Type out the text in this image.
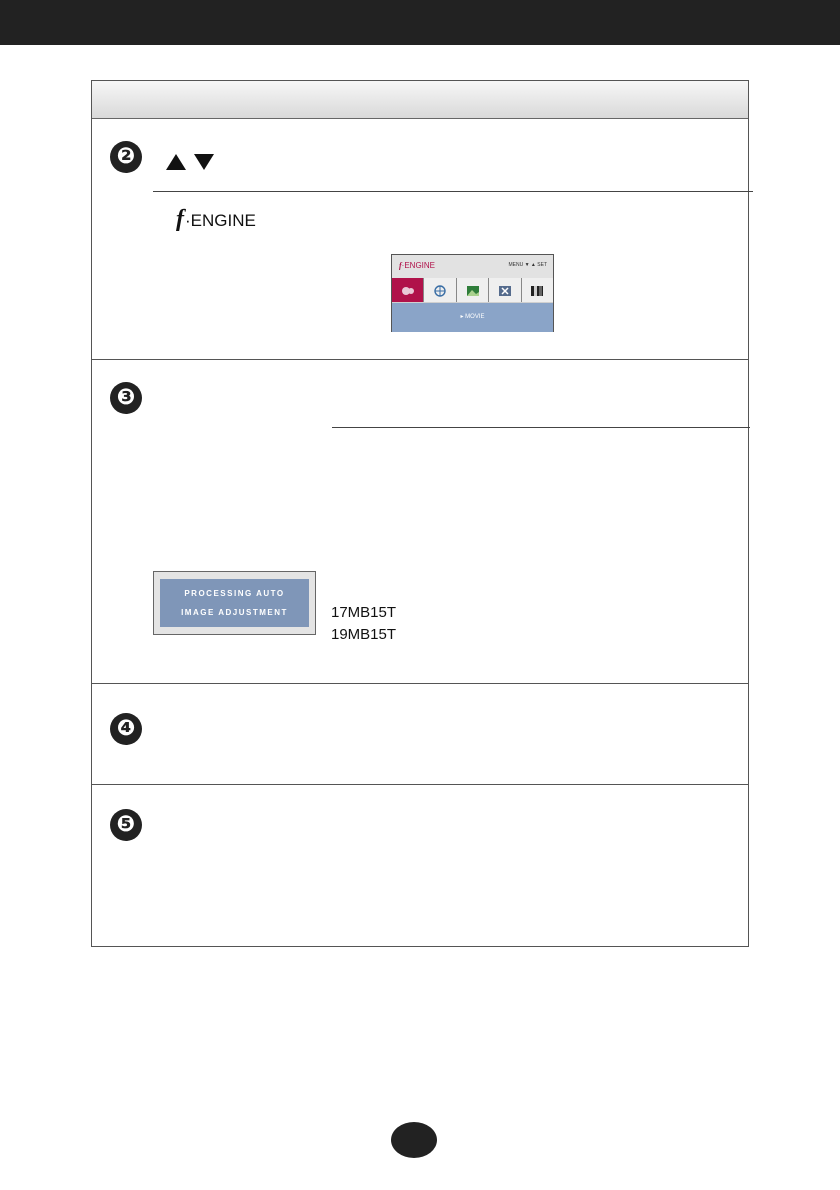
❷
f ·ENGINE
f·ENGINE	MENU ▼ ▲ SET
▸ MOVIE
❸
PROCESSING AUTO
IMAGE ADJUSTMENT	17MB15T
19MB15T
❹
❺
